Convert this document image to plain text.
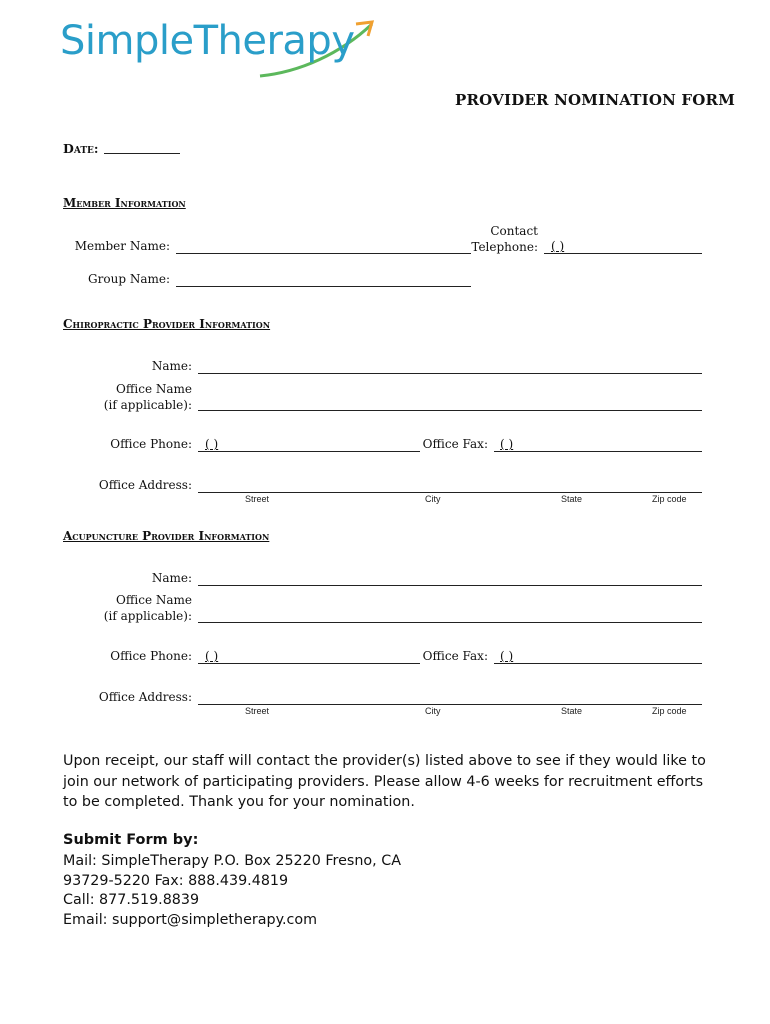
SimpleTherapy
PROVIDER NOMINATION FORM
Date:
Member Information
Member Name:
Contact
Telephone: ( )
Group Name:
Chiropractic Provider Information
Name:
Office Name
(if applicable):
Office Phone: ( )	Office Fax: ( )
Office Address:
Street	City	State	Zip code
Acupuncture Provider Information
Name:
Office Name
(if applicable):
Office Phone: ( )	Office Fax: ( )
Office Address:
Street	City	State	Zip code
Upon receipt, our staff will contact the provider(s) listed above to see if they would like to join our network of participating providers. Please allow 4-6 weeks for recruitment efforts to be completed. Thank you for your nomination.
Submit Form by:
Mail: SimpleTherapy P.O. Box 25220 Fresno, CA
93729-5220 Fax: 888.439.4819
Call: 877.519.8839
Email: support@simpletherapy.com
